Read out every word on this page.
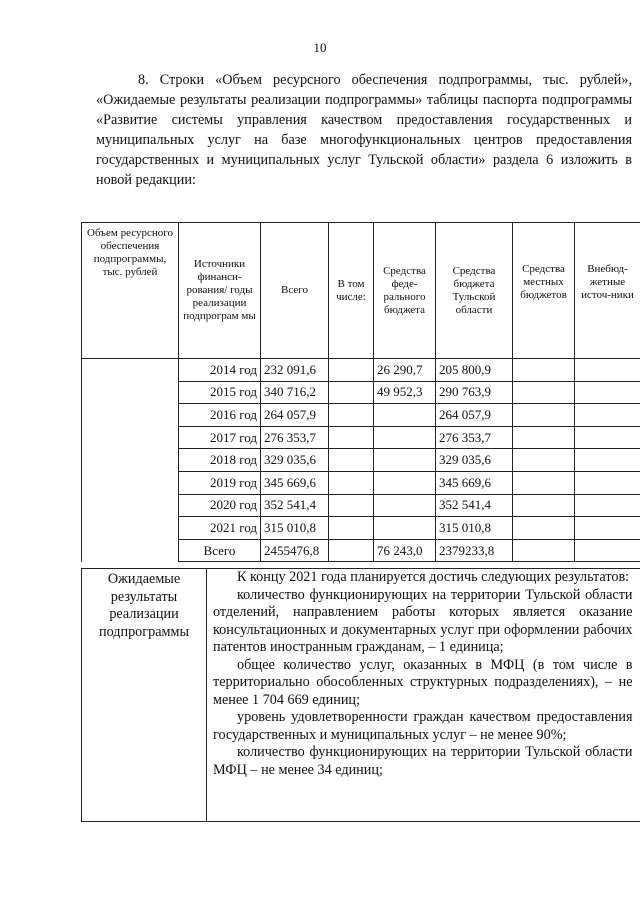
10

8. Строки «Объем ресурсного обеспечения подпрограммы, тыс. рублей», «Ожидаемые результаты реализации подпрограммы» таблицы паспорта подпрограммы «Развитие системы управления качеством предоставления государственных и муниципальных услуг на базе многофункциональных центров предоставления государственных и муниципальных услуг Тульской области» раздела 6 изложить в новой редакции:

Объем ресурсного обеспечения подпрограммы, тыс. рублей	Источники финанси-рования/ годы реализации подпрограм мы	Всего	В том числе:	Средства феде-рального бюджета	Средства бюджета Тульской области	Средства местных бюджетов	Внебюд-жетные источ-ники
	2014 год	232 091,6		26 290,7	205 800,9		
	2015 год	340 716,2		49 952,3	290 763,9		
	2016 год	264 057,9			264 057,9		
	2017 год	276 353,7			276 353,7		
	2018 год	329 035,6			329 035,6		
	2019 год	345 669,6			345 669,6		
	2020 год	352 541,4			352 541,4		
	2021 год	315 010,8			315 010,8		
	Всего	2455476,8		76 243,0	2379233,8		
Ожидаемые результаты реализации подпрограммы	

К концу 2021 года планируется достичь следующих результатов:

количество функционирующих на территории Тульской области отделений, направлением работы которых является оказание консультационных и документарных услуг при оформлении рабочих патентов иностранным гражданам, – 1 единица;

общее количество услуг, оказанных в МФЦ (в том числе в территориально обособленных структурных подразделениях), – не менее 1 704 669 единиц;

уровень удовлетворенности граждан качеством предоставления государственных и муниципальных услуг – не менее 90%;

количество функционирующих на территории Тульской области МФЦ – не менее 34 единиц;
